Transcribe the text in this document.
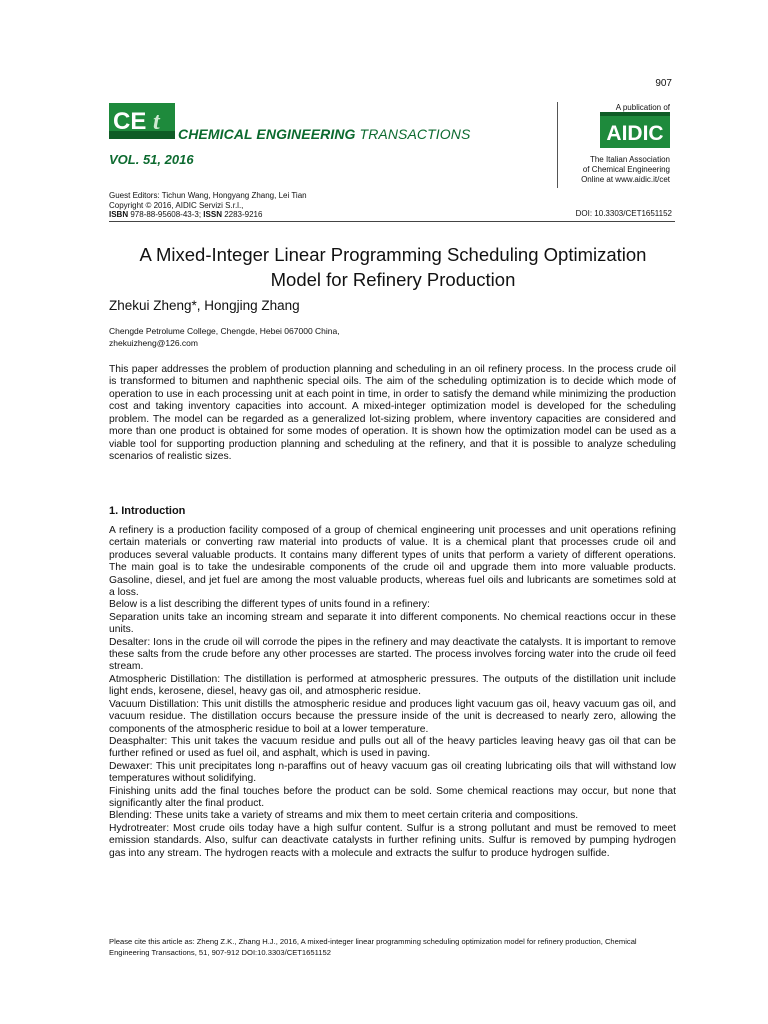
907
CE t CHEMICAL ENGINEERING TRANSACTIONS
VOL. 51, 2016
A publication of
AIDIC
The Italian Association
of Chemical Engineering
Online at www.aidic.it/cet
Guest Editors: Tichun Wang, Hongyang Zhang, Lei Tian
Copyright © 2016, AIDIC Servizi S.r.l.,
ISBN 978-88-95608-43-3; ISSN 2283-9216	DOI: 10.3303/CET1651152
A Mixed-Integer Linear Programming Scheduling Optimization
Model for Refinery Production
Zhekui Zheng*, Hongjing Zhang
Chengde Petrolume College, Chengde, Hebei 067000 China,
zhekuizheng@126.com

This paper addresses the problem of production planning and scheduling in an oil refinery process. In the process crude oil is transformed to bitumen and naphthenic special oils. The aim of the scheduling optimization is to decide which mode of operation to use in each processing unit at each point in time, in order to satisfy the demand while minimizing the production cost and taking inventory capacities into account. A mixed-integer optimization model is developed for the scheduling problem. The model can be regarded as a generalized lot-sizing problem, where inventory capacities are considered and more than one product is obtained for some modes of operation. It is shown how the optimization model can be used as a viable tool for supporting production planning and scheduling at the refinery, and that it is possible to analyze scheduling scenarios of realistic sizes.

1. Introduction

A refinery is a production facility composed of a group of chemical engineering unit processes and unit operations refining certain materials or converting raw material into products of value. It is a chemical plant that processes crude oil and produces several valuable products. It contains many different types of units that perform a variety of different operations. The main goal is to take the undesirable components of the crude oil and upgrade them into more valuable products. Gasoline, diesel, and jet fuel are among the most valuable products, whereas fuel oils and lubricants are sometimes sold at a loss.

Below is a list describing the different types of units found in a refinery:

Separation units take an incoming stream and separate it into different components. No chemical reactions occur in these units.

Desalter: Ions in the crude oil will corrode the pipes in the refinery and may deactivate the catalysts. It is important to remove these salts from the crude before any other processes are started. The process involves forcing water into the crude oil feed stream.

Atmospheric Distillation: The distillation is performed at atmospheric pressures. The outputs of the distillation unit include light ends, kerosene, diesel, heavy gas oil, and atmospheric residue.

Vacuum Distillation: This unit distills the atmospheric residue and produces light vacuum gas oil, heavy vacuum gas oil, and vacuum residue. The distillation occurs because the pressure inside of the unit is decreased to nearly zero, allowing the components of the atmospheric residue to boil at a lower temperature.

Deasphalter: This unit takes the vacuum residue and pulls out all of the heavy particles leaving heavy gas oil that can be further refined or used as fuel oil, and asphalt, which is used in paving.

Dewaxer: This unit precipitates long n-paraffins out of heavy vacuum gas oil creating lubricating oils that will withstand low temperatures without solidifying.

Finishing units add the final touches before the product can be sold. Some chemical reactions may occur, but none that significantly alter the final product.

Blending: These units take a variety of streams and mix them to meet certain criteria and compositions.

Hydrotreater: Most crude oils today have a high sulfur content. Sulfur is a strong pollutant and must be removed to meet emission standards. Also, sulfur can deactivate catalysts in further refining units. Sulfur is removed by pumping hydrogen gas into any stream. The hydrogen reacts with a molecule and extracts the sulfur to produce hydrogen sulfide.

Please cite this article as: Zheng Z.K., Zhang H.J., 2016, A mixed-integer linear programming scheduling optimization model for refinery production, Chemical Engineering Transactions, 51, 907-912 DOI:10.3303/CET1651152
